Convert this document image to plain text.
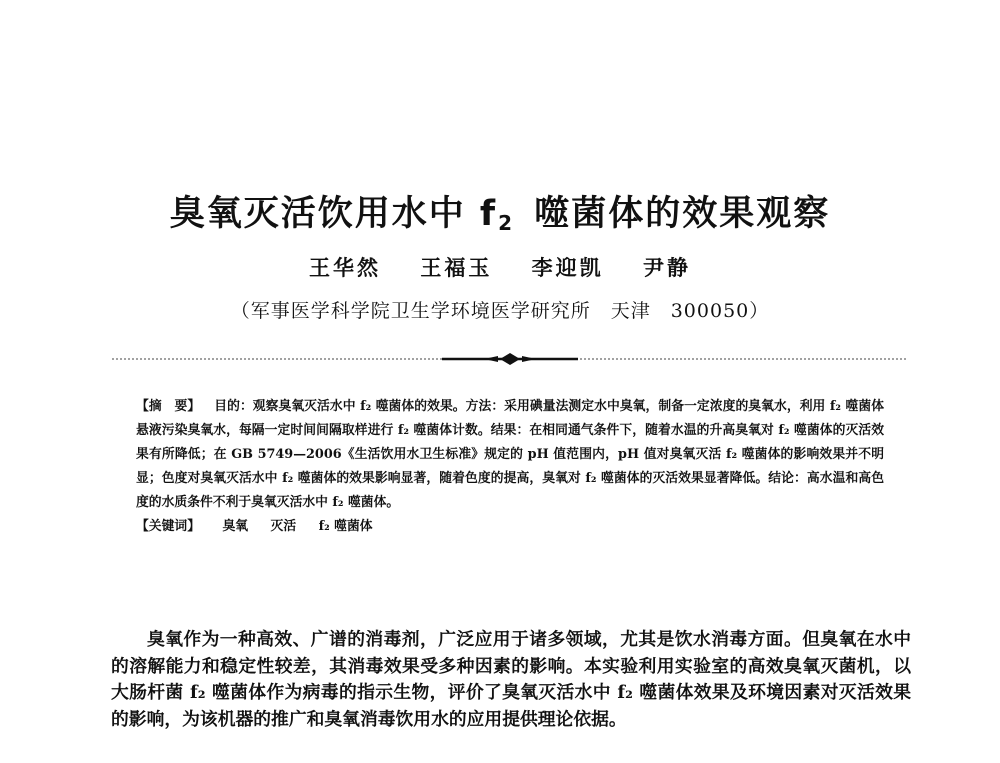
臭氧灭活饮用水中 $f_2$ 噬菌体的效果观察
王华然 王福玉 李迎凯 尹静
（军事医学科学院卫生学环境医学研究所　天津　300050）
【摘　要】 目的：观察臭氧灭活水中 f₂ 噬菌体的效果。方法：采用碘量法测定水中臭氧，制备一定浓度的臭氧水，利用 f₂ 噬菌体悬液污染臭氧水，每隔一定时间间隔取样进行 f₂ 噬菌体计数。结果：在相同通气条件下，随着水温的升高臭氧对 f₂ 噬菌体的灭活效果有所降低；在 GB 5749—2006《生活饮用水卫生标准》规定的 pH 值范围内，pH 值对臭氧灭活 f₂ 噬菌体的影响效果并不明显；色度对臭氧灭活水中 f₂ 噬菌体的效果影响显著，随着色度的提高，臭氧对 f₂ 噬菌体的灭活效果显著降低。结论：高水温和高色度的水质条件不利于臭氧灭活水中 f₂ 噬菌体。
【关键词】 臭氧 灭活 f₂ 噬菌体
臭氧作为一种高效、广谱的消毒剂，广泛应用于诸多领域，尤其是饮水消毒方面。但臭氧在水中的溶解能力和稳定性较差，其消毒效果受多种因素的影响。本实验利用实验室的高效臭氧灭菌机，以大肠杆菌 f₂ 噬菌体作为病毒的指示生物，评价了臭氧灭活水中 f₂ 噬菌体效果及环境因素对灭活效果的影响，为该机器的推广和臭氧消毒饮用水的应用提供理论依据。
